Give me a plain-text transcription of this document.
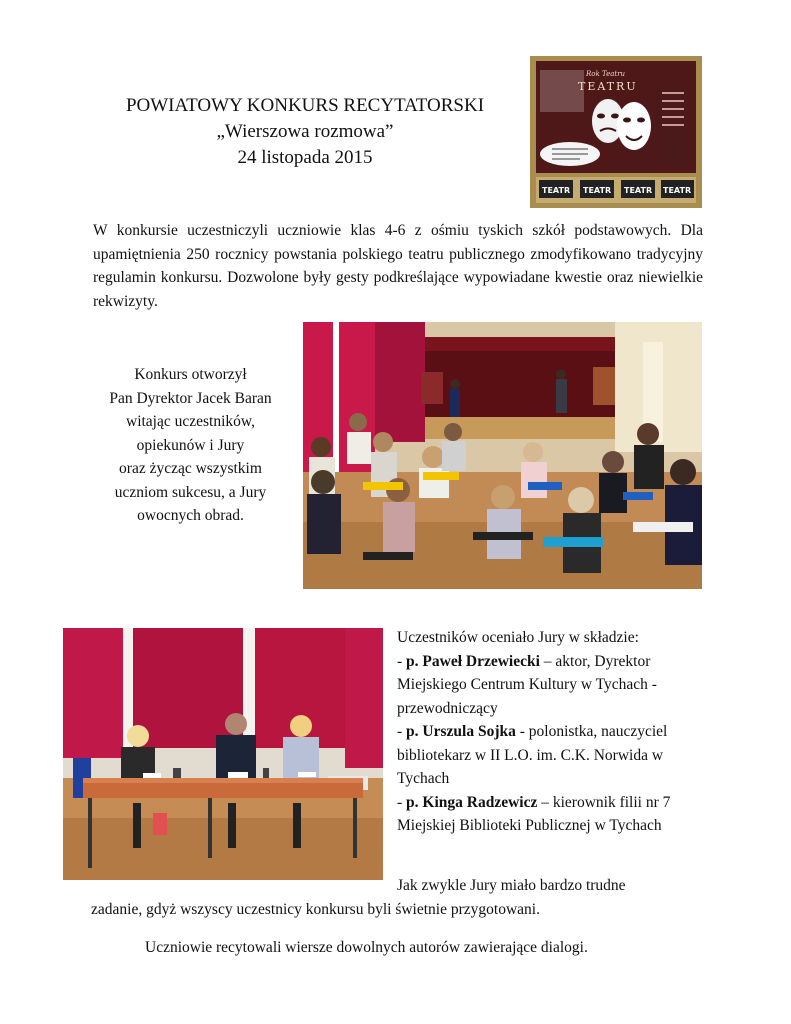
POWIATOWY KONKURS RECYTATORSKI
„Wierszowa rozmowa”
24 listopada 2015
Rok Teatru
TEATRU
TEATR TEATR TEATR TEATR

W konkursie uczestniczyli uczniowie klas 4-6 z ośmiu tyskich szkół podstawowych. Dla upamiętnienia 250 rocznicy powstania polskiego teatru publicznego zmodyfikowano tradycyjny regulamin konkursu. Dozwolone były gesty podkreślające wypowiadane kwestie oraz niewielkie rekwizyty.

Konkurs otworzył
Pan Dyrektor Jacek Baran
witając uczestników,
opiekunów i Jury
oraz życząc wszystkim
uczniom sukcesu, a Jury
owocnych obrad.
Uczestników oceniało Jury w składzie:
- p. Paweł Drzewiecki – aktor, Dyrektor
Miejskiego Centrum Kultury w Tychach -
przewodniczący
- p. Urszula Sojka - polonistka, nauczyciel
bibliotekarz w II L.O. im. C.K. Norwida w
Tychach
- p. Kinga Radzewicz – kierownik filii nr 7
Miejskiej Biblioteki Publicznej w Tychach
Jak zwykle Jury miało bardzo trudne
zadanie, gdyż wszyscy uczestnicy konkursu byli świetnie przygotowani.
Uczniowie recytowali wiersze dowolnych autorów zawierające dialogi.
